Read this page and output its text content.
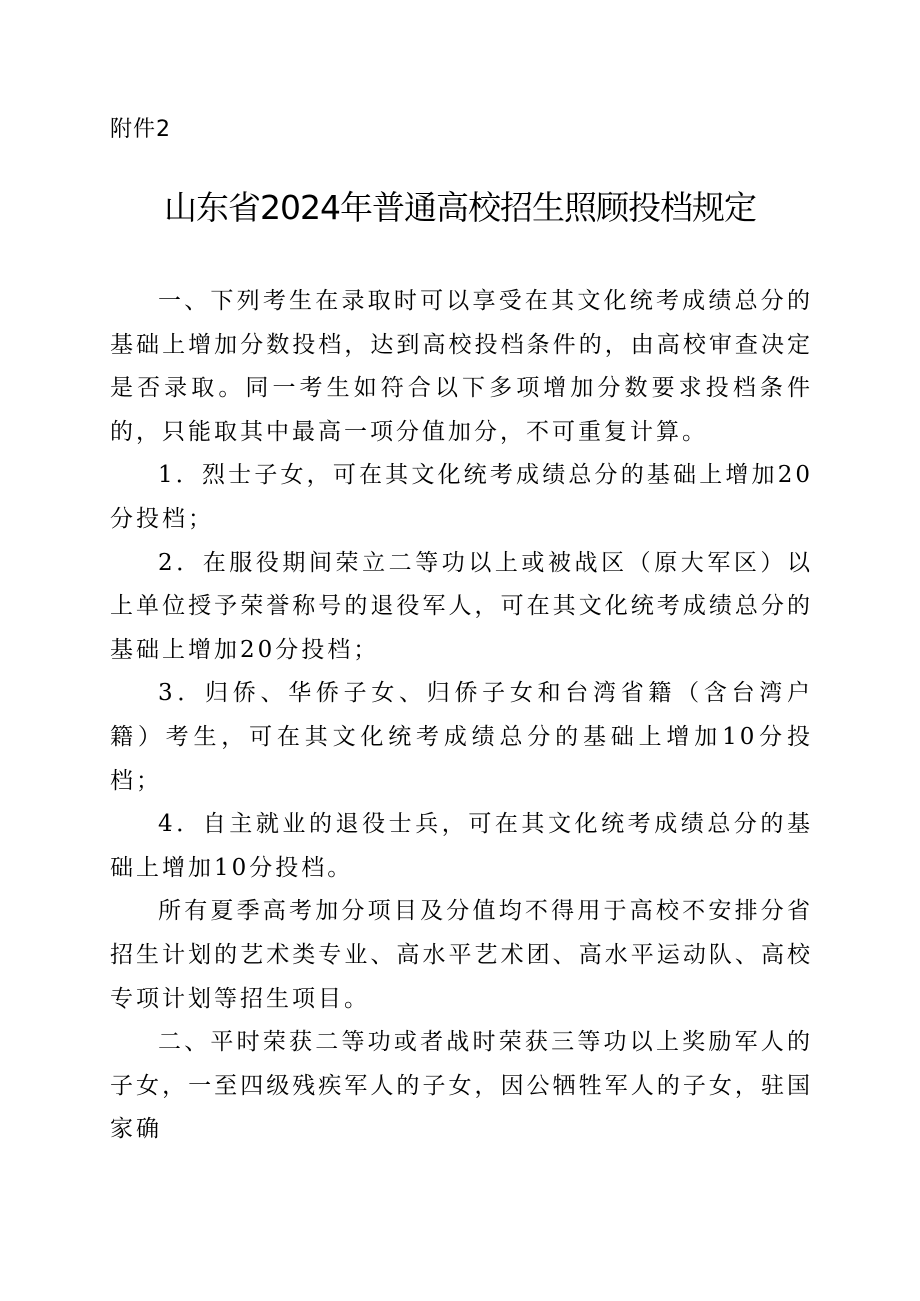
附件2
山东省2024年普通高校招生照顾投档规定

一、下列考生在录取时可以享受在其文化统考成绩总分的基础上增加分数投档，达到高校投档条件的，由高校审查决定是否录取。同一考生如符合以下多项增加分数要求投档条件的，只能取其中最高一项分值加分，不可重复计算。

1．烈士子女，可在其文化统考成绩总分的基础上增加20分投档；

2．在服役期间荣立二等功以上或被战区（原大军区）以上单位授予荣誉称号的退役军人，可在其文化统考成绩总分的基础上增加20分投档；

3．归侨、华侨子女、归侨子女和台湾省籍（含台湾户籍）考生，可在其文化统考成绩总分的基础上增加10分投档；

4．自主就业的退役士兵，可在其文化统考成绩总分的基础上增加10分投档。

所有夏季高考加分项目及分值均不得用于高校不安排分省招生计划的艺术类专业、高水平艺术团、高水平运动队、高校专项计划等招生项目。

二、平时荣获二等功或者战时荣获三等功以上奖励军人的子女，一至四级残疾军人的子女，因公牺牲军人的子女，驻国家确
